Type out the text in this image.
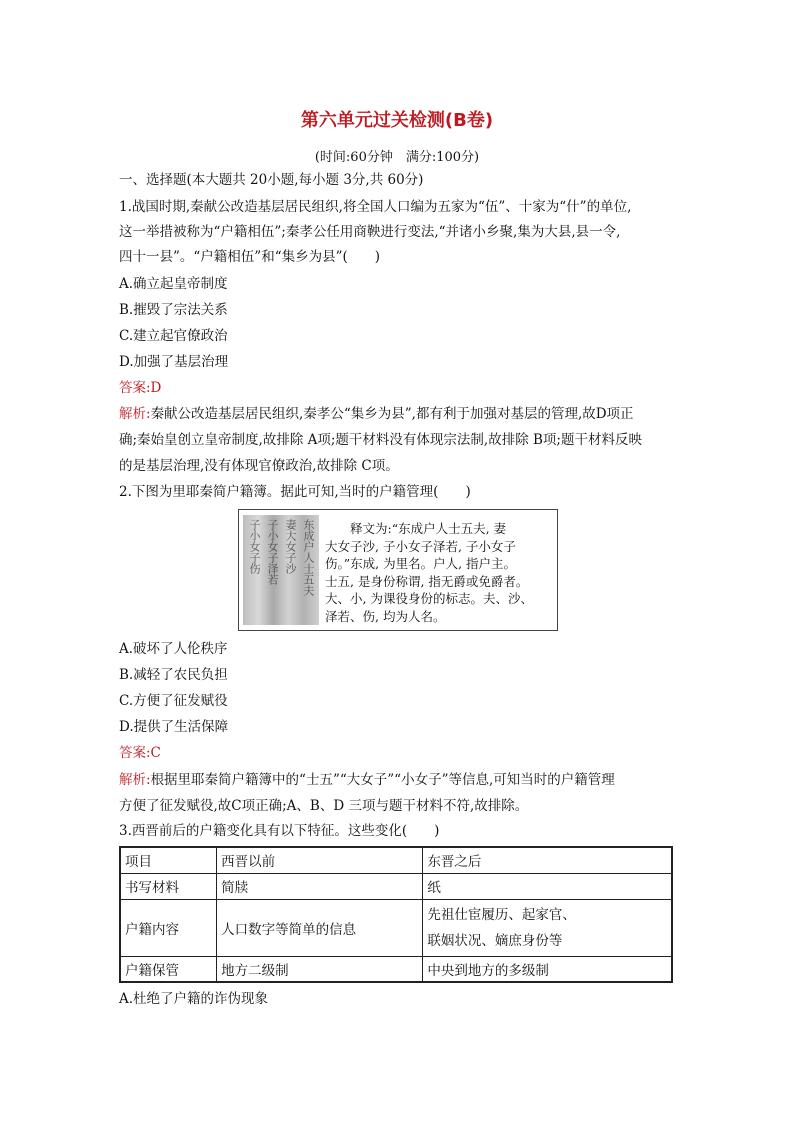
第六单元过关检测(B卷)
(时间:60分钟　满分:100分)
一、选择题(本大题共 20小题,每小题 3分,共 60分)
1.战国时期,秦献公改造基层居民组织,将全国人口编为五家为“伍”、十家为“什”的单位,
这一举措被称为“户籍相伍”;秦孝公任用商鞅进行变法,“并诸小乡聚,集为大县,县一令,
四十一县”。“户籍相伍”和“集乡为县”(　　)
A.确立起皇帝制度
B.摧毁了宗法关系
C.建立起官僚政治
D.加强了基层治理
答案:D
解析:秦献公改造基层居民组织,秦孝公“集乡为县”,都有利于加强对基层的管理,故D项正
确;秦始皇创立皇帝制度,故排除 A项;题干材料没有体现宗法制,故排除 B项;题干材料反映
的是基层治理,没有体现官僚政治,故排除 C项。
2.下图为里耶秦简户籍簿。据此可知,当时的户籍管理(　　)
子小女子伤 子小女子泽若 妻大女子沙 东成户人士五夫 　　释文为:“东成户人士五夫, 妻
大女子沙, 子小女子泽若, 子小女子
伤。”东成, 为里名。户人, 指户主。
士五, 是身份称谓, 指无爵或免爵者。
大、小, 为课役身份的标志。夫、沙、
泽若、伤, 均为人名。
A.破坏了人伦秩序
B.减轻了农民负担
C.方便了征发赋役
D.提供了生活保障
答案:C
解析:根据里耶秦简户籍簿中的“士五”“大女子”“小女子”等信息,可知当时的户籍管理
方便了征发赋役,故C项正确;A、B、D 三项与题干材料不符,故排除。
3.西晋前后的户籍变化具有以下特征。这些变化(　　)
项目	西晋以前	东晋之后
书写材料	简牍	纸
户籍内容	人口数字等简单的信息	先祖仕宦履历、起家官、
联姻状况、嫡庶身份等

户籍保管	地方二级制	中央到地方的多级制
A.杜绝了户籍的诈伪现象
